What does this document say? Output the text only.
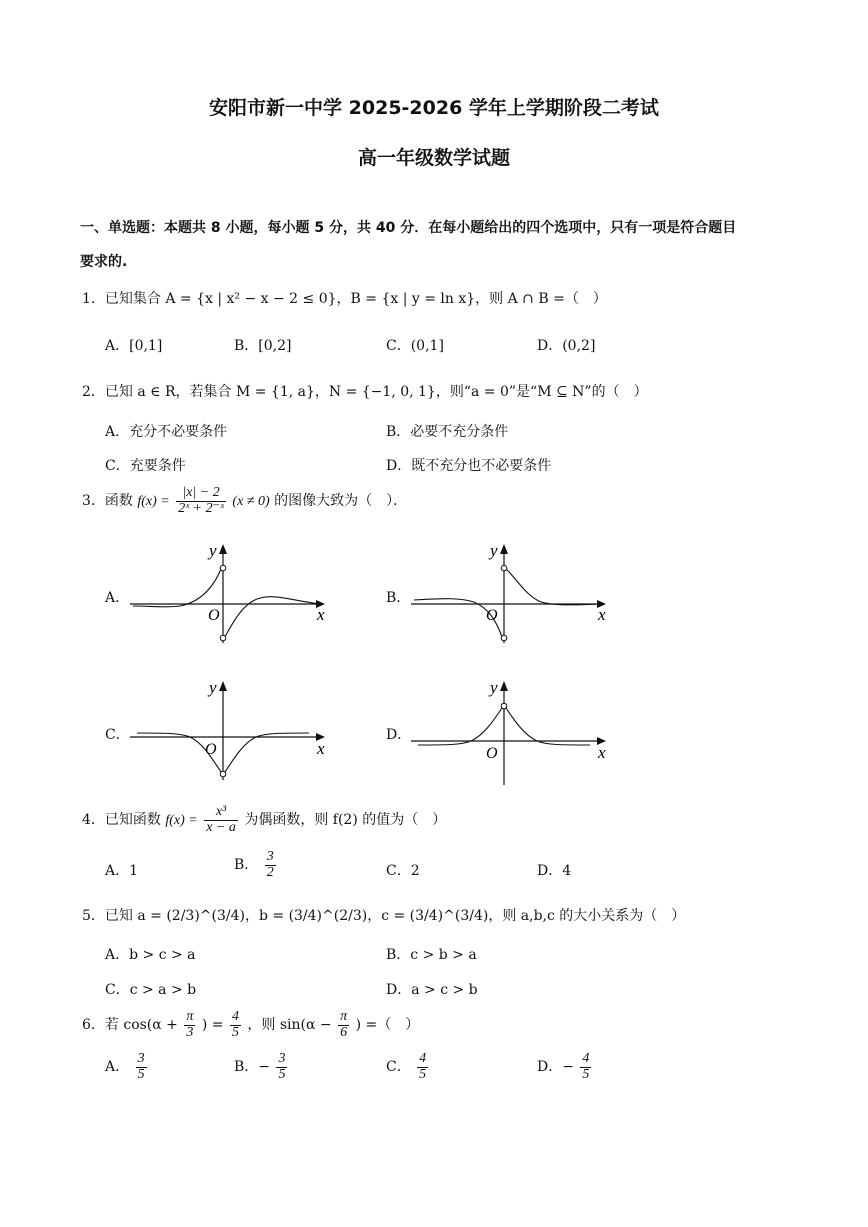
安阳市新一中学 2025-2026 学年上学期阶段二考试
高一年级数学试题
一、单选题：本题共 8 小题，每小题 5 分，共 40 分．在每小题给出的四个选项中，只有一项是符合题目
要求的.
1．已知集合 A = {x | x² − x − 2 ≤ 0}，B = {x | y = ln x}，则 A ∩ B =（　）
A．[0,1]	B．[0,2]	C．(0,1]	D．(0,2]
2．已知 a ∈ R，若集合 M = {1, a}，N = {−1, 0, 1}，则“a = 0”是“M ⊆ N”的（　）
A．充分不必要条件	B．必要不充分条件
C．充要条件	D．既不充分也不必要条件
3．函数 $f(x) = \frac{|x| - 2}{\text{2ˣ + 2⁻ˣ}} (x \ne 0)$ 的图像大致为（　）．
A．	B．
C．	D．
O	x
y
O	x
y
O	x
y
O	x
y
4．已知函数 $f(x) = \frac{\text{x³}}{x - a}$ 为偶函数，则 f(2) 的值为（　）
A．1	B． $\frac{3}{2}$	C．2	D．4
5．已知 a = (2/3)^(3/4)，b = (3/4)^(2/3)，c = (3/4)^(3/4)，则 a,b,c 的大小关系为（　）
A．b > c > a	B．c > b > a
C．c > a > b	D．a > c > b
6．若 $\cos(\alpha + \frac{\pi}{3}$ ) = $\frac{4}{5}$ ，则 $\sin(\alpha - \frac{\pi}{6}$ ) =（　）
A． $\frac{3}{5}$	B．− $\frac{3}{5}$	C． $\frac{4}{5}$	D．− $\frac{4}{5}$
